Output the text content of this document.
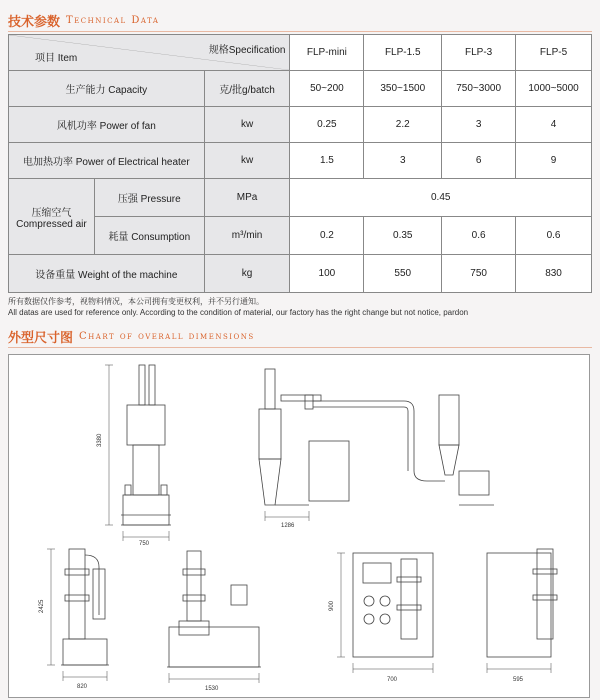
技术参数 Technical Data
规格Specification
项目 Item			FLP-mini	FLP-1.5	FLP-3	FLP-5
生产能力 Capacity		克/批g/batch	50~200	350~1500	750~3000	1000~5000
风机功率 Power of fan		kw	0.25	2.2	3	4
电加热功率 Power of Electrical heater		kw	1.5	3	6	9

压缩空气
Compressed air	压强 Pressure	MPa	0.45			
	耗量 Consumption	m³/min	0.2	0.35	0.6	0.6
设备重量 Weight of the machine		kg	100	550	750	830
所有数据仅作参考，视物料情况，本公司拥有变更权利，并不另行通知。
All datas are used for reference only. According to the condition of material, our factory has the right change but not notice, pardon
外型尺寸图 Chart of overall dimensions
3380
750
1286
2425
820	1530
900
700	595
